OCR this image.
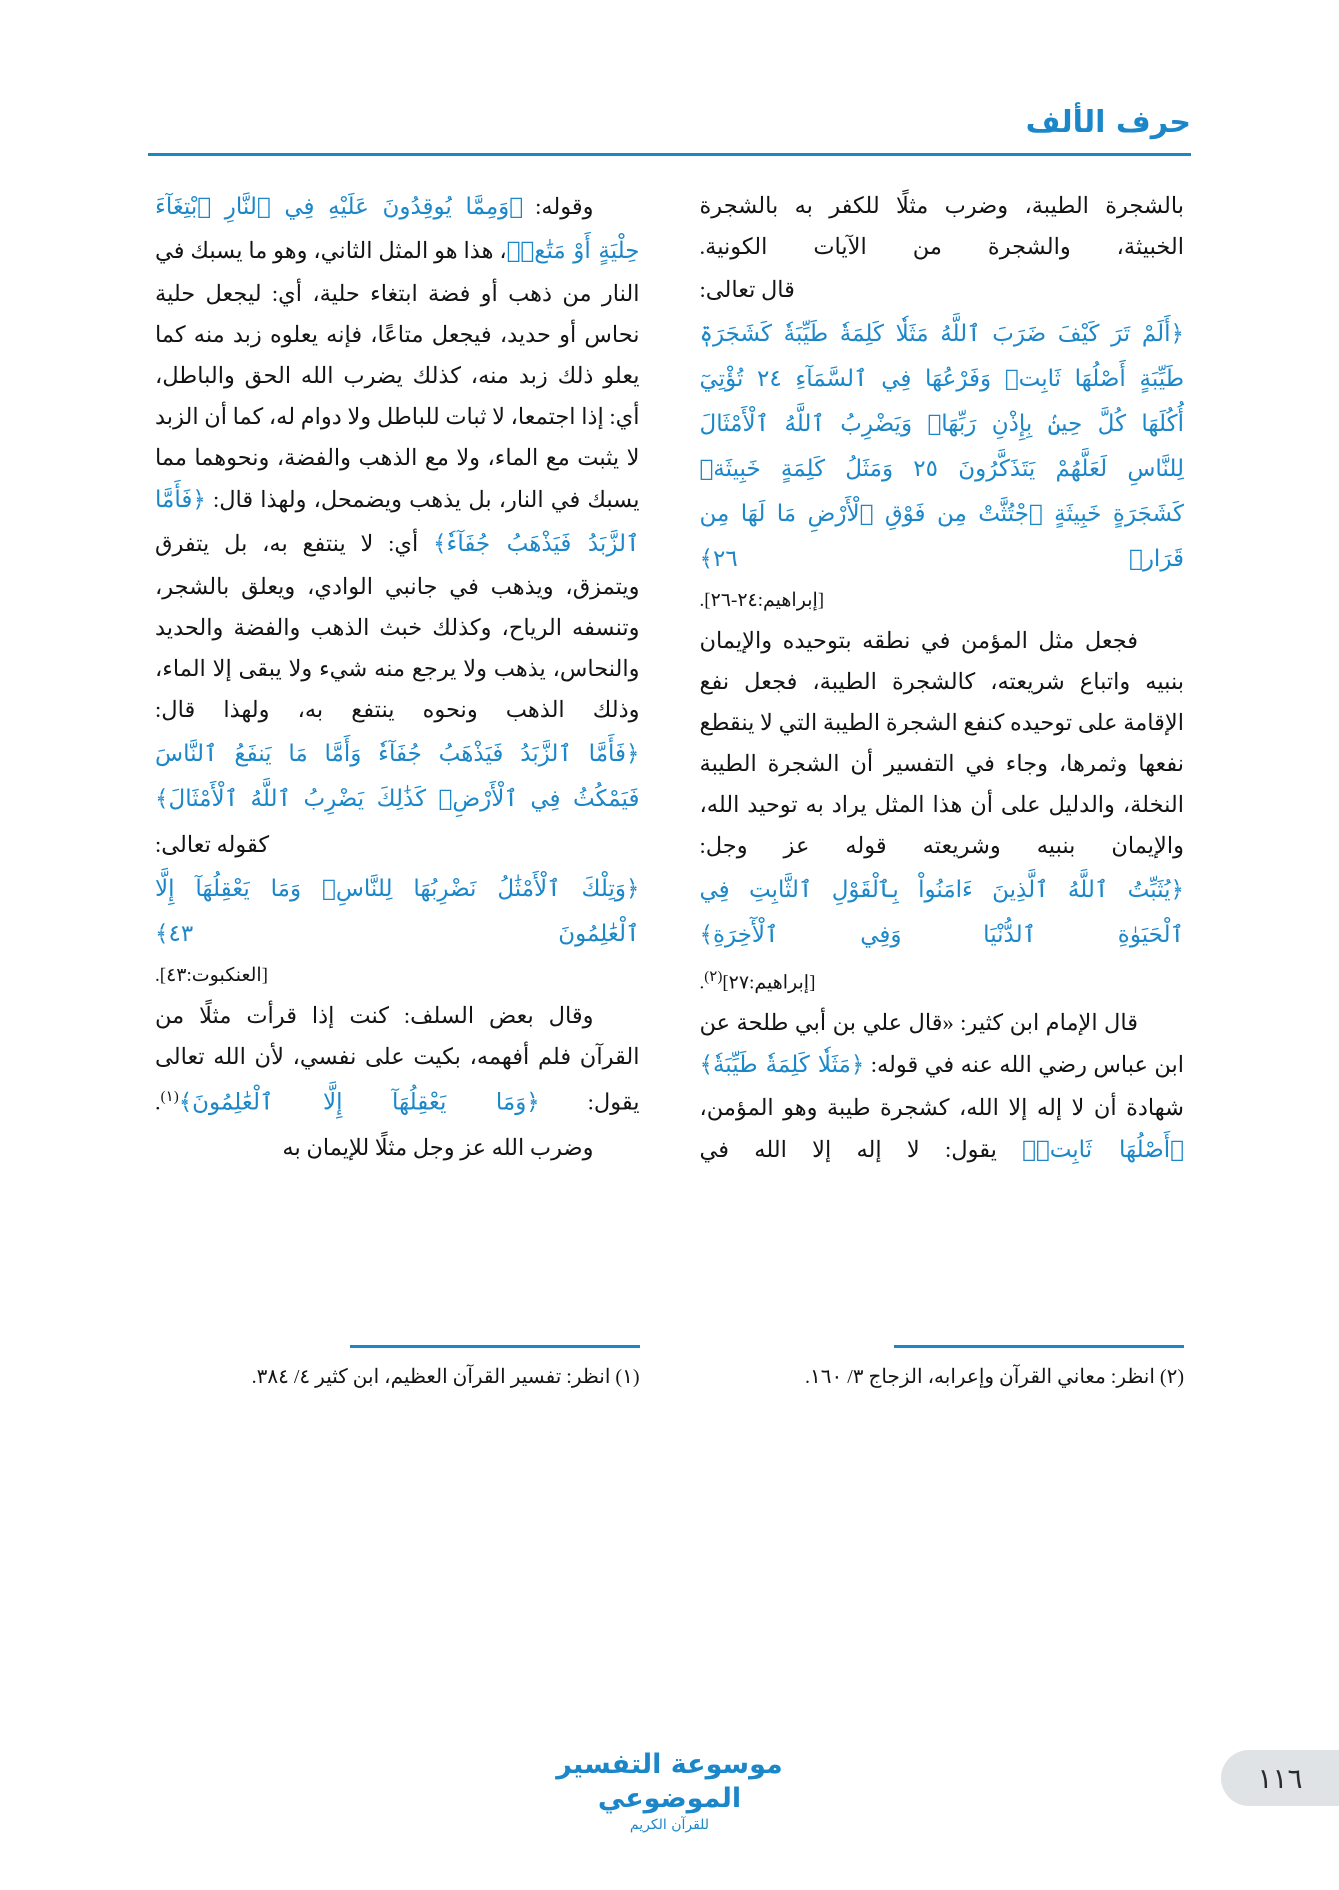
حرف الألف

بالشجرة الطيبة، وضرب مثلًا للكفر به بالشجرة الخبيثة، والشجرة من الآيات الكونية.

قال تعالى:

﴿أَلَمْ تَرَ كَيْفَ ضَرَبَ ٱللَّهُ مَثَلٗا كَلِمَةٗ طَيِّبَةٗ كَشَجَرَةٖ طَيِّبَةٍ أَصْلُهَا ثَابِتٞ وَفَرْعُهَا فِي ٱلسَّمَآءِ ٢٤ تُؤْتِيٓ أُكُلَهَا كُلَّ حِينِۢ بِإِذْنِ رَبِّهَاۗ وَيَضْرِبُ ٱللَّهُ ٱلْأَمْثَالَ لِلنَّاسِ لَعَلَّهُمْ يَتَذَكَّرُونَ ٢٥ وَمَثَلُ كَلِمَةٍ خَبِيثَةٖ كَشَجَرَةٍ خَبِيثَةٍ ٱجْتُثَّتْ مِن فَوْقِ ٱلْأَرْضِ مَا لَهَا مِن قَرَارٖ ٢٦﴾

[إبراهيم:٢٤-٢٦].

فجعل مثل المؤمن في نطقه بتوحيده والإيمان بنبيه واتباع شريعته، كالشجرة الطيبة، فجعل نفع الإقامة على توحيده كنفع الشجرة الطيبة التي لا ينقطع نفعها وثمرها، وجاء في التفسير أن الشجرة الطيبة النخلة، والدليل على أن هذا المثل يراد به توحيد الله، والإيمان بنبيه وشريعته قوله عز وجل:

﴿يُثَبِّتُ ٱللَّهُ ٱلَّذِينَ ءَامَنُواْ بِٱلْقَوْلِ ٱلثَّابِتِ فِي ٱلْحَيَوٰةِ ٱلدُّنْيَا وَفِي ٱلْأٓخِرَةِ﴾

[إبراهيم:٢٧]$^{(٢)}$.

قال الإمام ابن كثير: «قال علي بن أبي طلحة عن ابن عباس رضي الله عنه في قوله: ﴿مَثَلٗا كَلِمَةٗ طَيِّبَةٗ﴾ شهادة أن لا إله إلا الله، كشجرة طيبة وهو المؤمن، ﴿أَصْلُهَا ثَابِتٞ﴾ يقول: لا إله إلا الله في

وقوله: ﴿وَمِمَّا يُوقِدُونَ عَلَيْهِ فِي ٱلنَّارِ ٱبْتِغَآءَ حِلْيَةٍ أَوْ مَتَٰعٖ﴾، هذا هو المثل الثاني، وهو ما يسبك في النار من ذهب أو فضة ابتغاء حلية، أي: ليجعل حلية نحاس أو حديد، فيجعل متاعًا، فإنه يعلوه زبد منه كما يعلو ذلك زبد منه، كذلك يضرب الله الحق والباطل، أي: إذا اجتمعا، لا ثبات للباطل ولا دوام له، كما أن الزبد لا يثبت مع الماء، ولا مع الذهب والفضة، ونحوهما مما يسبك في النار، بل يذهب ويضمحل، ولهذا قال: ﴿فَأَمَّا ٱلزَّبَدُ فَيَذْهَبُ جُفَآءٗ﴾ أي: لا ينتفع به، بل يتفرق ويتمزق، ويذهب في جانبي الوادي، ويعلق بالشجر، وتنسفه الرياح، وكذلك خبث الذهب والفضة والحديد والنحاس، يذهب ولا يرجع منه شيء ولا يبقى إلا الماء، وذلك الذهب ونحوه ينتفع به، ولهذا قال:

﴿فَأَمَّا ٱلزَّبَدُ فَيَذْهَبُ جُفَآءٗ وَأَمَّا مَا يَنفَعُ ٱلنَّاسَ فَيَمْكُثُ فِي ٱلْأَرْضِۚ كَذَٰلِكَ يَضْرِبُ ٱللَّهُ ٱلْأَمْثَالَ﴾

كقوله تعالى:

﴿وَتِلْكَ ٱلْأَمْثَٰلُ نَضْرِبُهَا لِلنَّاسِۖ وَمَا يَعْقِلُهَآ إِلَّا ٱلْعَٰلِمُونَ ٤٣﴾

[العنكبوت:٤٣].

وقال بعض السلف: كنت إذا قرأت مثلًا من القرآن فلم أفهمه، بكيت على نفسي، لأن الله تعالى يقول: ﴿وَمَا يَعْقِلُهَآ إِلَّا ٱلْعَٰلِمُونَ﴾$^{(١)}$.

وضرب الله عز وجل مثلًا للإيمان به

(٢) انظر: معاني القرآن وإعرابه، الزجاج ٣/ ١٦٠.

(١) انظر: تفسير القرآن العظيم، ابن كثير ٤/ ٣٨٤.

موسوعة التفسير الموضوعي
للقرآن الكريم
١١٦
